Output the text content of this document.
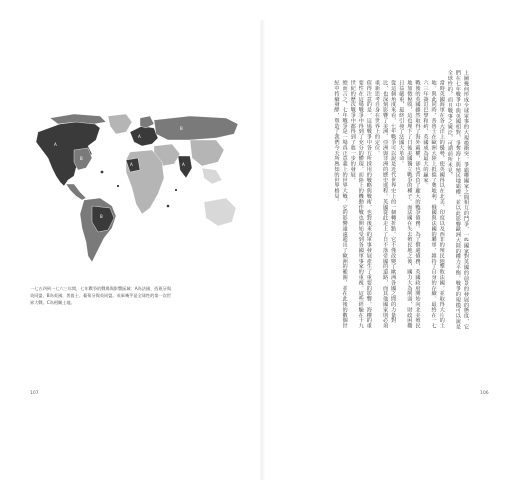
A
B
A
B
A
B
A
一七五四到一七六三年間，七年戰爭的戰場與影響區域：A為法國、西班牙與
英同盟，B為英國、普魯士、葡萄牙與英同盟。英軍幾乎是全球性的第一次世
界大戰。C為相關土地。
107

上圖幾何形成全球軍事的大規模衝突。爭霸權國家之間相互的鬥爭，一些國家對英國的前景的發展的態度，它們在七年戰爭中與英國相對，爭奪海上與殖民地霸權，並以此影響歐洲大陸的權力平衡。戰爭的規模可以說是全球性的，而且戰事之廣泛，可謂前所未見。

當時英國海軍在各大洋上的優勢，使英國得以在北美、印度以及西非的殖民地擊敗法國，並取得大片的土地。與此同時，普魯士在歐洲大陸上抵擋了奧地利、俄國與法國的聯軍，維持了自身的存續。最終在一七六三年簽訂巴黎和約，英國成為最大的贏家。

戰後的英國雖然取得了海外霸權，卻也背負了龐大的戰爭債務。為了償還債務，英國政府開始向北美殖民地加徵稅收，這也埋下了日後美國獨立戰爭的種子。而法國在失去殖民地之後，國力大為削弱，財政困難日益嚴重，最終引發了法國大革命。

從這個角度來看，七年戰爭可以說是近代世界史上的一個轉折點。它不僅改變了歐洲各國之間的力量對比，也深刻影響了美洲、亞洲與非洲的歷史進程。英國從此走上了日不落帝國的道路，而其他國家則必須重新思考自身在世界上的定位。

值得注意的是，這場戰爭中各方所採用的戰略與戰術，也對後來的軍事發展產生了重要的影響。海權的重要性在這場戰爭中得到了充分的體現，而陸上的機動作戰也開始受到各國軍事家的重視。這些經驗在十九世紀的歷次戰爭中都得到了進一步的發展。

總而言之，七年戰爭是一場真正意義上的世界大戰，它的影響遠遠超出了歐洲的範圍，並在此後的數個世紀中持續發酵，塑造了我們今天所熟知的世界格局。

106
